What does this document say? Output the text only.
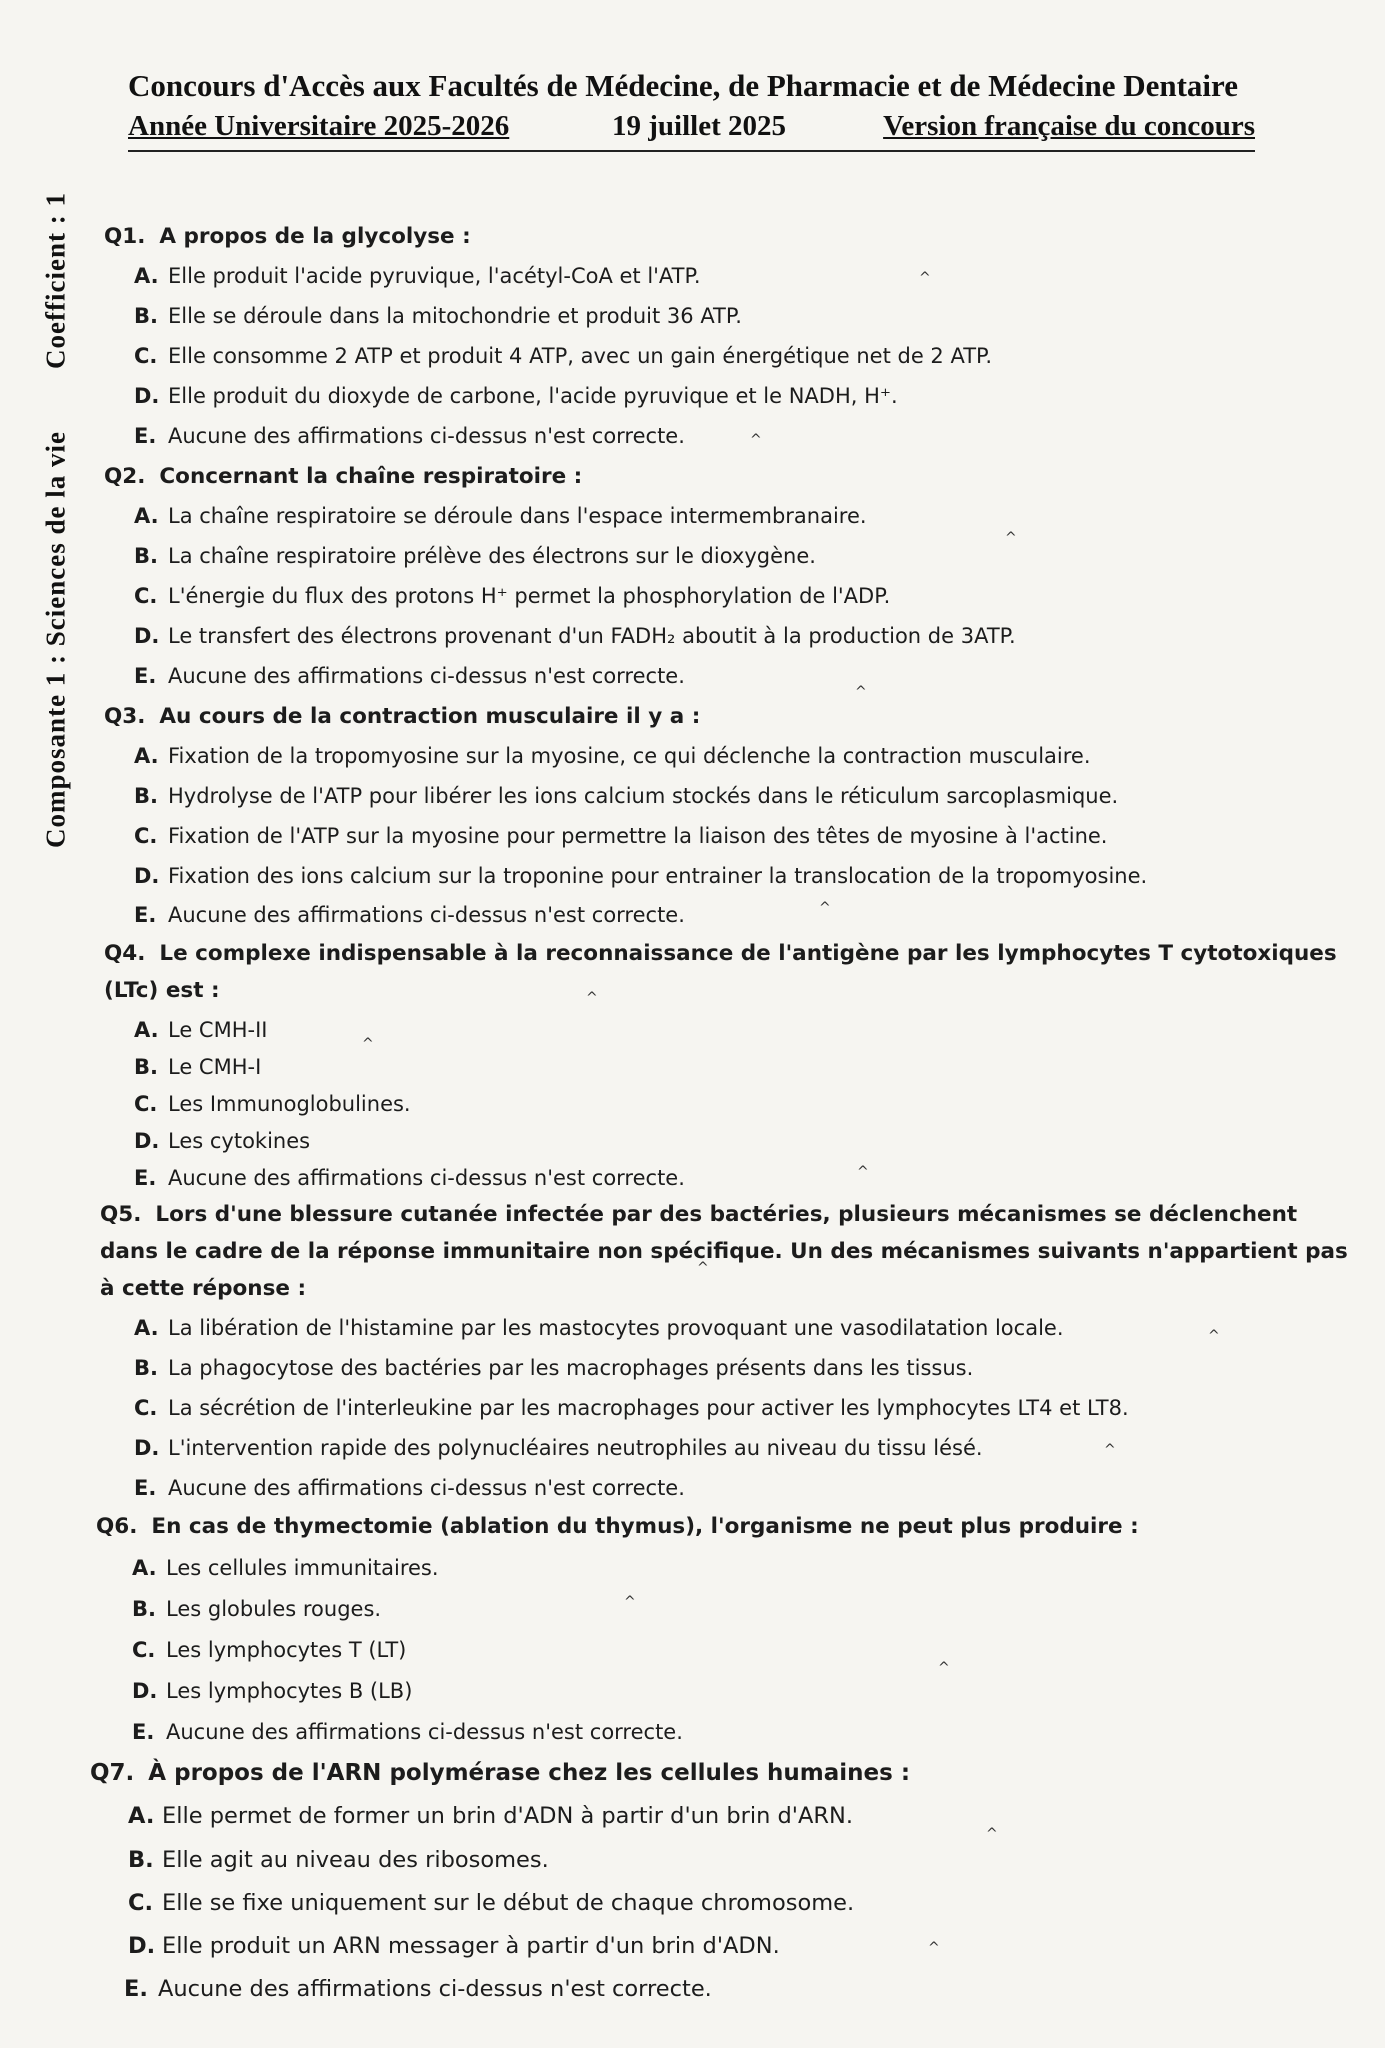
Concours d'Accès aux Facultés de Médecine, de Pharmacie et de Médecine Dentaire
Année Universitaire 2025-2026	19 juillet 2025	Version française du concours
Composante 1 : Sciences de la vie        Coefficient : 1 Q1. A propos de la glycolyse :
A. Elle produit l'acide pyruvique, l'acétyl-CoA et l'ATP.
B. Elle se déroule dans la mitochondrie et produit 36 ATP.
C. Elle consomme 2 ATP et produit 4 ATP, avec un gain énergétique net de 2 ATP.
D. Elle produit du dioxyde de carbone, l'acide pyruvique et le NADH, H⁺.
E. Aucune des affirmations ci-dessus n'est correcte.
Q2. Concernant la chaîne respiratoire :
A. La chaîne respiratoire se déroule dans l'espace intermembranaire.
B. La chaîne respiratoire prélève des électrons sur le dioxygène.
C. L'énergie du flux des protons H⁺ permet la phosphorylation de l'ADP.
D. Le transfert des électrons provenant d'un FADH₂ aboutit à la production de 3ATP.
E. Aucune des affirmations ci-dessus n'est correcte.
Q3. Au cours de la contraction musculaire il y a :
A. Fixation de la tropomyosine sur la myosine, ce qui déclenche la contraction musculaire.
B. Hydrolyse de l'ATP pour libérer les ions calcium stockés dans le réticulum sarcoplasmique.
C. Fixation de l'ATP sur la myosine pour permettre la liaison des têtes de myosine à l'actine.
D. Fixation des ions calcium sur la troponine pour entrainer la translocation de la tropomyosine.
E. Aucune des affirmations ci-dessus n'est correcte.
Q4. Le complexe indispensable à la reconnaissance de l'antigène par les lymphocytes T cytotoxiques
(LTc) est :
A. Le CMH-II
B. Le CMH-I
C. Les Immunoglobulines.
D. Les cytokines
E. Aucune des affirmations ci-dessus n'est correcte.
Q5. Lors d'une blessure cutanée infectée par des bactéries, plusieurs mécanismes se déclenchent
dans le cadre de la réponse immunitaire non spécifique. Un des mécanismes suivants n'appartient pas
à cette réponse :
A. La libération de l'histamine par les mastocytes provoquant une vasodilatation locale.
B. La phagocytose des bactéries par les macrophages présents dans les tissus.
C. La sécrétion de l'interleukine par les macrophages pour activer les lymphocytes LT4 et LT8.
D. L'intervention rapide des polynucléaires neutrophiles au niveau du tissu lésé.
E. Aucune des affirmations ci-dessus n'est correcte.
Q6. En cas de thymectomie (ablation du thymus), l'organisme ne peut plus produire :
A. Les cellules immunitaires.
B. Les globules rouges.
C. Les lymphocytes T (LT)
D. Les lymphocytes B (LB)
E. Aucune des affirmations ci-dessus n'est correcte.
Q7. À propos de l'ARN polymérase chez les cellules humaines :
A. Elle permet de former un brin d'ADN à partir d'un brin d'ARN.
B. Elle agit au niveau des ribosomes.
C. Elle se fixe uniquement sur le début de chaque chromosome.
D. Elle produit un ARN messager à partir d'un brin d'ADN.
E. Aucune des affirmations ci-dessus n'est correcte.
^
^
^
^
^
^
^
^
^
^
^
^
^
^
^
